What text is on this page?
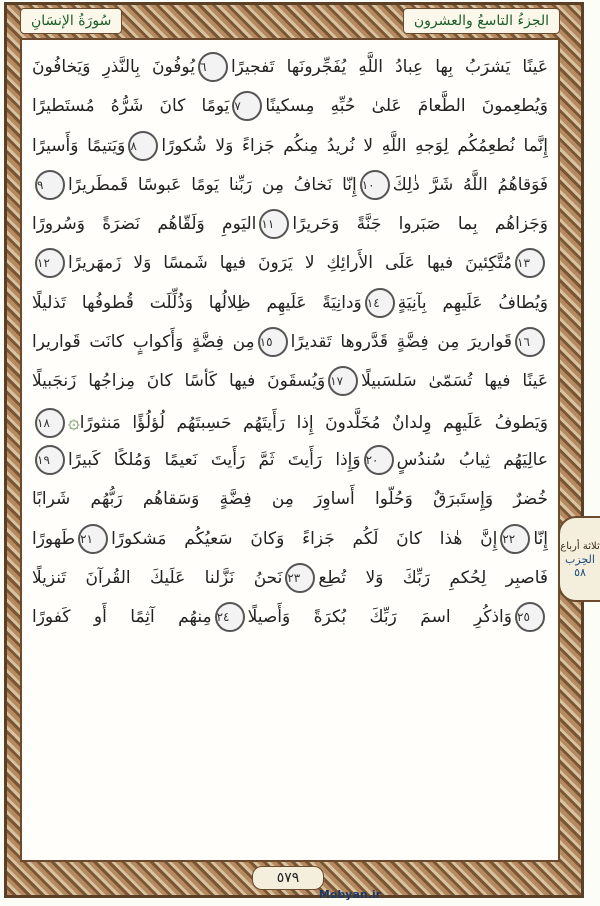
سُورَةُ الإنسَانِ	الجزءُ التاسعُ والعشرون
عَينًا يَشرَبُ بِها عِبادُ اللَّهِ يُفَجِّرونَها تَفجيرًا٦يُوفُونَ بِالنَّذرِ وَيَخافُونَ
وَيُطعِمونَ الطَّعامَ عَلىٰ حُبِّهِ مِسكينًا٧يَومًا كانَ شَرُّهُ مُستَطيرًا
إِنَّما نُطعِمُكُم لِوَجهِ اللَّهِ لا نُريدُ مِنكُم جَزاءً وَلا شُكورًا٨وَيَتيمًا وَأَسيرًا
فَوَقاهُمُ اللَّهُ شَرَّ ذٰلِكَ١٠إِنّا نَخافُ مِن رَبِّنا يَومًا عَبوسًا قَمطَريرًا٩
وَجَزاهُم بِما صَبَروا جَنَّةً وَحَريرًا١١اليَومِ وَلَقّاهُم نَضرَةً وَسُرورًا
١٣مُتَّكِئينَ فيها عَلَى الأَرائِكِ لا يَرَونَ فيها شَمسًا وَلا زَمهَريرًا١٢
وَيُطافُ عَلَيهِم بِآنِيَةٍ١٤وَدانِيَةً عَلَيهِم ظِلالُها وَذُلِّلَت قُطوفُها تَذليلًا
١٦قَواريرَ مِن فِضَّةٍ قَدَّروها تَقديرًا١٥مِن فِضَّةٍ وَأَكوابٍ كانَت قَواريرا
عَينًا فيها تُسَمّىٰ سَلسَبيلًا١٧وَيُسقَونَ فيها كَأسًا كانَ مِزاجُها زَنجَبيلًا
وَيَطوفُ عَلَيهِم وِلدانٌ مُخَلَّدونَ إِذا رَأَيتَهُم حَسِبتَهُم لُؤلُؤًا مَنثورًا۞١٨
عالِيَهُم ثِيابُ سُندُسٍ٢٠وَإِذا رَأَيتَ ثَمَّ رَأَيتَ نَعيمًا وَمُلكًا كَبيرًا١٩
خُضرٌ وَإِستَبرَقٌ وَحُلّوا أَساوِرَ مِن فِضَّةٍ وَسَقاهُم رَبُّهُم شَرابًا
إِنّا٢٢إِنَّ هٰذا كانَ لَكُم جَزاءً وَكانَ سَعيُكُم مَشكورًا٢١طَهورًا
فَاصبِر لِحُكمِ رَبِّكَ وَلا تُطِع٢٣نَحنُ نَزَّلنا عَلَيكَ القُرآنَ تَنزيلًا
٢٥وَاذكُرِ اسمَ رَبِّكَ بُكرَةً وَأَصيلًا٢٤مِنهُم آثِمًا أَو كَفورًا
ثلاثة أرباع
الحِزب
٥٨
٥٧٩
Mobyan.ir
